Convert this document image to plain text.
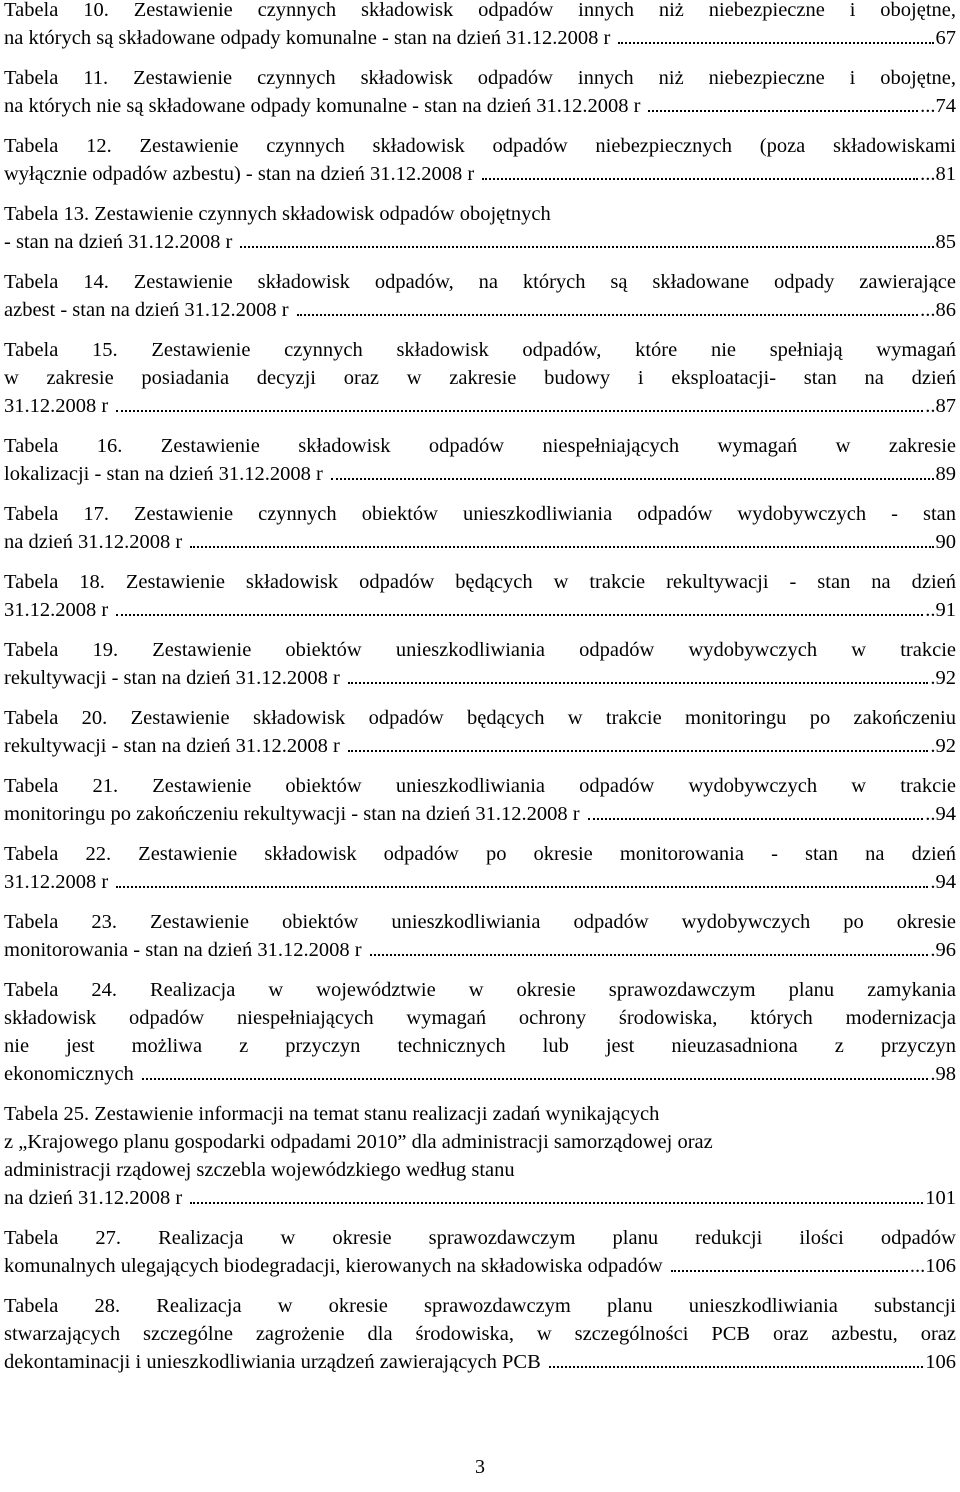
Tabela 10. Zestawienie czynnych składowisk odpadów innych niż niebezpieczne i obojętne,
na których są składowane odpady komunalne - stan na dzień 31.12.2008 r	67
Tabela 11. Zestawienie czynnych składowisk odpadów innych niż niebezpieczne i obojętne,
na których nie są składowane odpady komunalne - stan na dzień 31.12.2008 r	...74
Tabela 12. Zestawienie czynnych składowisk odpadów niebezpiecznych (poza składowiskami
wyłącznie odpadów azbestu) - stan na dzień 31.12.2008 r	...81
Tabela 13. Zestawienie czynnych składowisk odpadów obojętnych
- stan na dzień 31.12.2008 r	85
Tabela 14. Zestawienie składowisk odpadów, na których są składowane odpady zawierające
azbest - stan na dzień 31.12.2008 r	...86
Tabela 15. Zestawienie czynnych składowisk odpadów, które nie spełniają wymagań
w zakresie posiadania decyzji oraz w zakresie budowy i eksploatacji- stan na dzień
31.12.2008 r	..87
Tabela 16. Zestawienie składowisk odpadów niespełniających wymagań w zakresie
lokalizacji - stan na dzień 31.12.2008 r	89
Tabela 17. Zestawienie czynnych obiektów unieszkodliwiania odpadów wydobywczych - stan
na dzień 31.12.2008 r	90
Tabela 18. Zestawienie składowisk odpadów będących w trakcie rekultywacji - stan na dzień
31.12.2008 r	..91
Tabela 19. Zestawienie obiektów unieszkodliwiania odpadów wydobywczych w trakcie
rekultywacji - stan na dzień 31.12.2008 r	.92
Tabela 20. Zestawienie składowisk odpadów będących w trakcie monitoringu po zakończeniu
rekultywacji - stan na dzień 31.12.2008 r	.92
Tabela 21. Zestawienie obiektów unieszkodliwiania odpadów wydobywczych w trakcie
monitoringu po zakończeniu rekultywacji - stan na dzień 31.12.2008 r	..94
Tabela 22. Zestawienie składowisk odpadów po okresie monitorowania - stan na dzień
31.12.2008 r	.94
Tabela 23. Zestawienie obiektów unieszkodliwiania odpadów wydobywczych po okresie
monitorowania - stan na dzień 31.12.2008 r	.96
Tabela 24. Realizacja w województwie w okresie sprawozdawczym planu zamykania
składowisk odpadów niespełniających wymagań ochrony środowiska, których modernizacja
nie jest możliwa z przyczyn technicznych lub jest nieuzasadniona z przyczyn
ekonomicznych	.98
Tabela 25. Zestawienie informacji na temat stanu realizacji zadań wynikających
z „Krajowego planu gospodarki odpadami 2010” dla administracji samorządowej oraz
administracji rządowej szczebla wojewódzkiego według stanu
na dzień 31.12.2008 r	101
Tabela 27. Realizacja w okresie sprawozdawczym planu redukcji ilości odpadów
komunalnych ulegających biodegradacji, kierowanych na składowiska odpadów	...106
Tabela 28. Realizacja w okresie sprawozdawczym planu unieszkodliwiania substancji
stwarzających szczególne zagrożenie dla środowiska, w szczególności PCB oraz azbestu, oraz
dekontaminacji i unieszkodliwiania urządzeń zawierających PCB	106
3
